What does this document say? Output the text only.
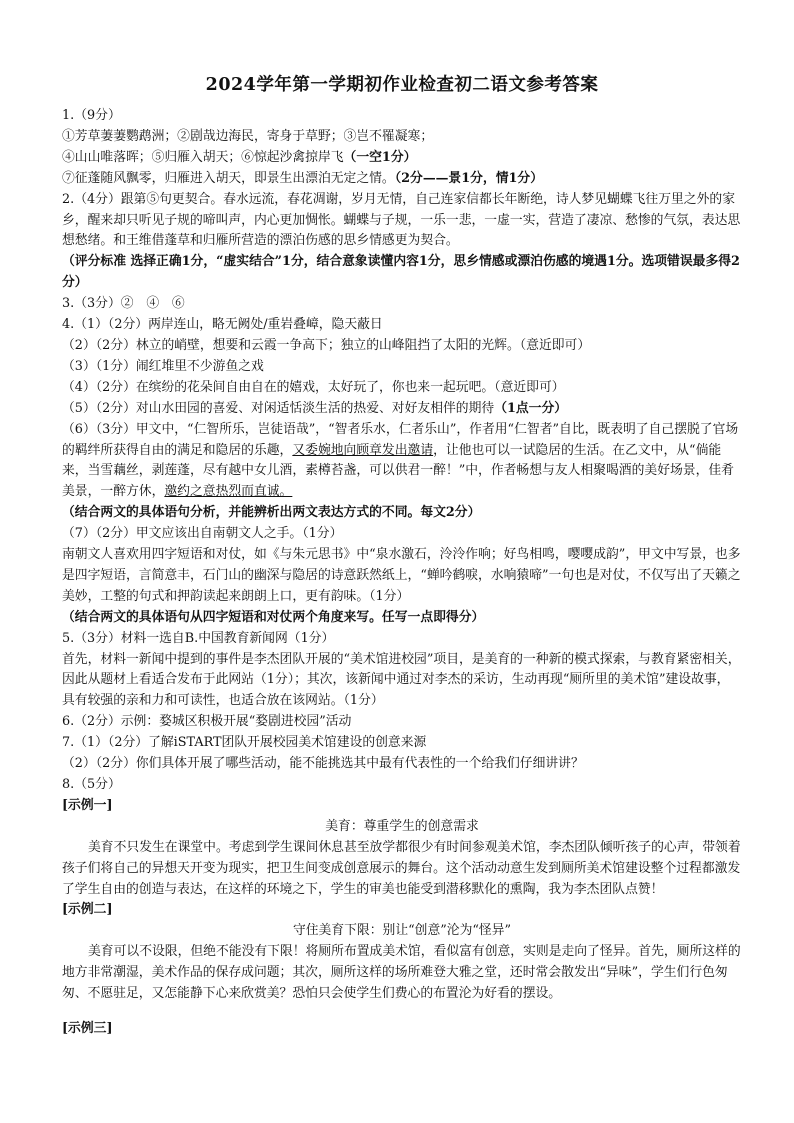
2024学年第一学期初作业检查初二语文参考答案
1.（9分）
①芳草萋萋鹦鹉洲；②剧哉边海民，寄身于草野；③岂不罹凝寒；
④山山唯落晖；⑤归雁入胡天；⑥惊起沙禽掠岸飞（一空1分）
⑦征蓬随风飘零，归雁进入胡天，即景生出漂泊无定之情。（2分——景1分，情1分）
2.（4分）跟第⑤句更契合。春水远流，春花凋谢，岁月无情，自己连家信都长年断绝，诗人梦见蝴蝶飞往万里之外的家乡，醒来却只听见子规的啼叫声，内心更加惆怅。蝴蝶与子规，一乐一悲，一虚一实，营造了凄凉、愁惨的气氛，表达思想愁绪。和王维借蓬草和归雁所营造的漂泊伤感的思乡情感更为契合。
（评分标准 选择正确1分，“虚实结合”1分，结合意象读懂内容1分，思乡情感或漂泊伤感的境遇1分。选项错误最多得2分）
3.（3分）②　④　⑥
4.（1）（2分）两岸连山，略无阙处/重岩叠嶂，隐天蔽日
（2）（2分）林立的峭壁，想要和云霞一争高下；独立的山峰阻挡了太阳的光辉。（意近即可）
（3）（1分）闹红堆里不少游鱼之戏
（4）（2分）在缤纷的花朵间自由自在的嬉戏，太好玩了，你也来一起玩吧。（意近即可）
（5）（2分）对山水田园的喜爱、对闲适恬淡生活的热爱、对好友相伴的期待（1点一分）
（6）（3分）甲文中，“仁智所乐，岂徒语哉”，“智者乐水，仁者乐山”，作者用“仁智者”自比，既表明了自己摆脱了官场的羁绊所获得自由的满足和隐居的乐趣，又委婉地向顾章发出邀请，让他也可以一试隐居的生活。在乙文中，从“倘能来，当雪藕丝，剥莲蓬，尽有越中女儿酒，素樽苔盏，可以供君一醉！”中，作者畅想与友人相聚喝酒的美好场景，佳肴美景，一醉方休，邀约之意热烈而直诚。
（结合两文的具体语句分析，并能辨析出两文表达方式的不同。每文2分）
（7）（2分）甲文应该出自南朝文人之手。（1分）
南朝文人喜欢用四字短语和对仗，如《与朱元思书》中“泉水激石，泠泠作响；好鸟相鸣，嘤嘤成韵”，甲文中写景，也多是四字短语，言简意丰，石门山的幽深与隐居的诗意跃然纸上，“蝉吟鹤唳，水响猿啼”一句也是对仗，不仅写出了天籁之美妙，工整的句式和押韵读起来朗朗上口，更有韵味。（1分）
（结合两文的具体语句从四字短语和对仗两个角度来写。任写一点即得分）
5.（3分）材料一选自B.中国教育新闻网（1分）
首先，材料一新闻中提到的事件是李杰团队开展的“美术馆进校园”项目，是美育的一种新的模式探索，与教育紧密相关，因此从题材上看适合发布于此网站（1分）；其次，该新闻中通过对李杰的采访，生动再现“厕所里的美术馆”建设故事，具有较强的亲和力和可读性，也适合放在该网站。（1分）
6.（2分）示例：婺城区积极开展“婺剧进校园”活动
7.（1）（2分）了解iSTART团队开展校园美术馆建设的创意来源
（2）（2分）你们具体开展了哪些活动，能不能挑选其中最有代表性的一个给我们仔细讲讲？
8.（5分）
[示例一]
美育：尊重学生的创意需求
美育不只发生在课堂中。考虑到学生课间休息甚至放学都很少有时间参观美术馆，李杰团队倾听孩子的心声，带领着孩子们将自己的异想天开变为现实，把卫生间变成创意展示的舞台。这个活动动意生发到厕所美术馆建设整个过程都激发了学生自由的创造与表达，在这样的环境之下，学生的审美也能受到潜移默化的熏陶，我为李杰团队点赞！
[示例二]
守住美育下限：别让“创意”沦为“怪异”
美育可以不设限，但绝不能没有下限！将厕所布置成美术馆，看似富有创意，实则是走向了怪异。首先，厕所这样的地方非常潮湿，美术作品的保存成问题；其次，厕所这样的场所难登大雅之堂，还时常会散发出“异味”，学生们行色匆匆、不愿驻足，又怎能静下心来欣赏美？恐怕只会使学生们费心的布置沦为好看的摆设。
[示例三]
